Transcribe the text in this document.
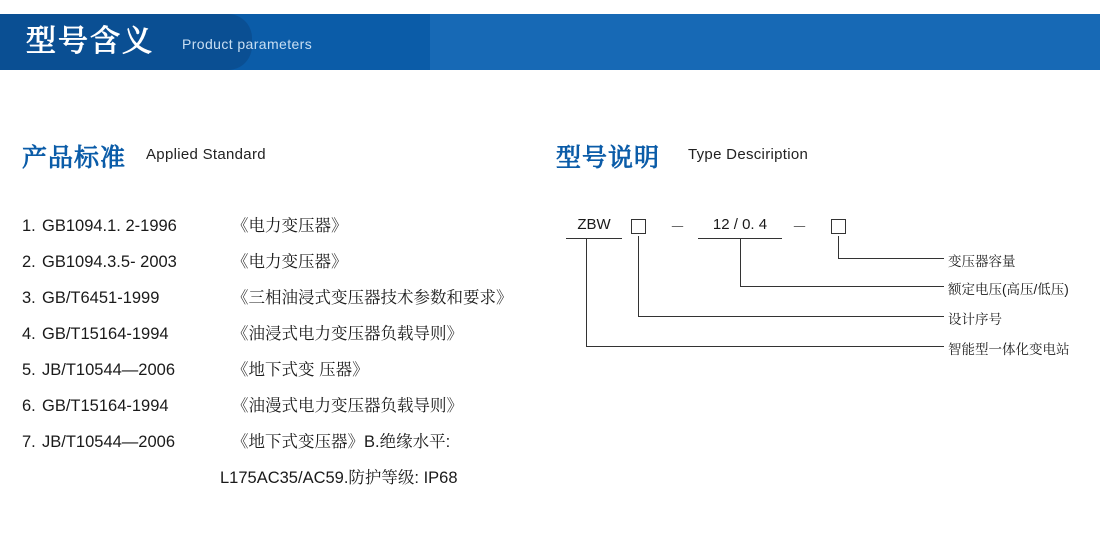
型号含义 Product parameters
产品标准 Applied Standard	型号说明 Type Desciription
1. GB1094.1. 2-1996	《电力变压器》
2. GB1094.3.5- 2003	《电力变压器》
3. GB/T6451-1999	《三相油浸式变压器技术参数和要求》
4. GB/T15164-1994	《油浸式电力变压器负载导则》
5. JB/T10544—2006	《地下式变 压器》
6. GB/T15164-1994	《油漫式电力变压器负载导则》
7. JB/T10544—2006	《地下式变压器》B.绝缘水平:
L175AC35/AC59.防护等级: IP68
ZBW	－	12 / 0. 4	－
变压器容量
额定电压(高压/低压)
设计序号
智能型一体化变电站
